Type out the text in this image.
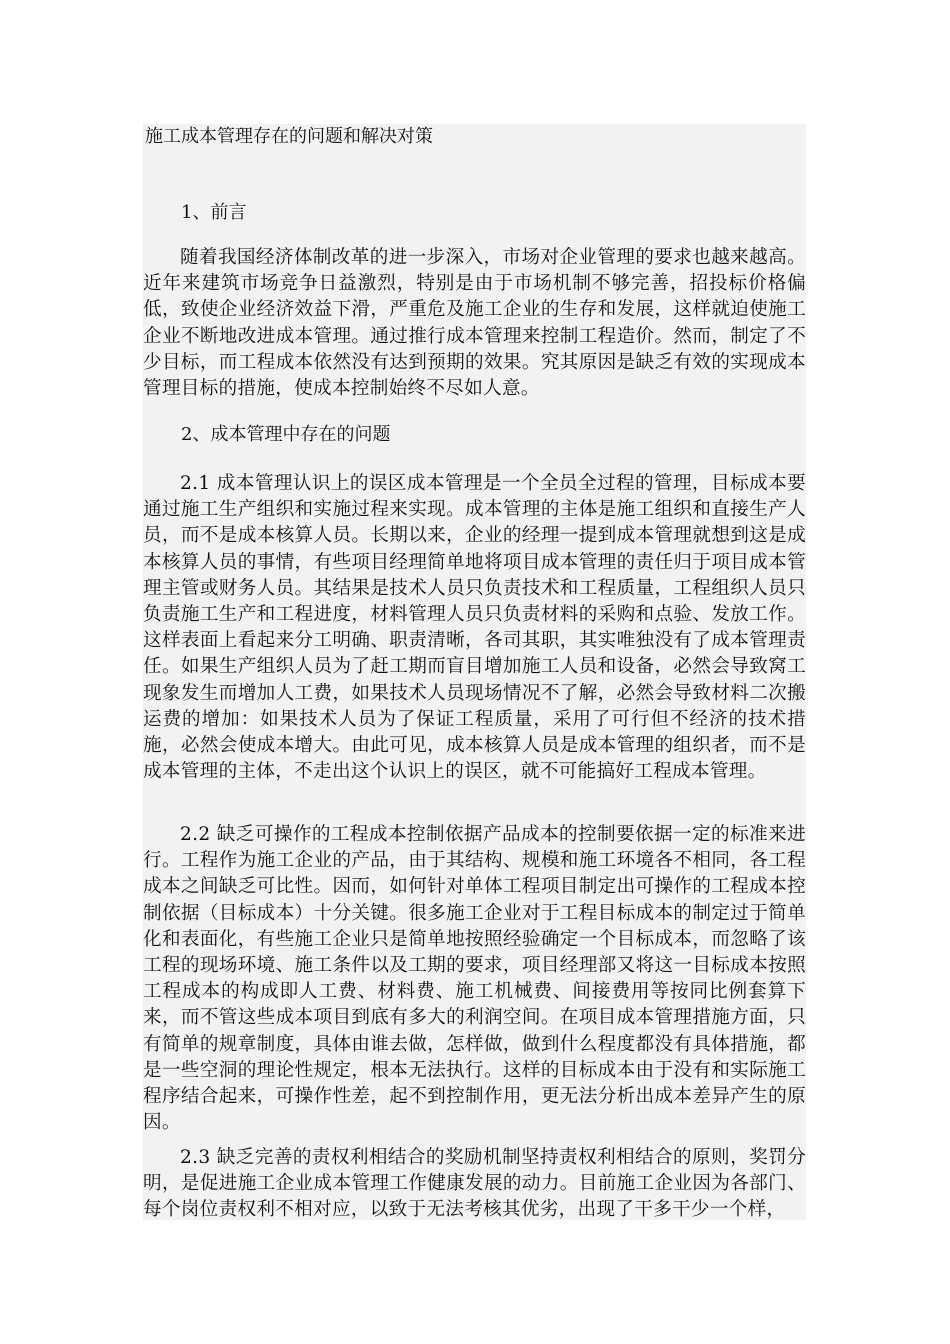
施工成本管理存在的问题和解决对策
1、前言
随着我国经济体制改革的进一步深入，市场对企业管理的要求也越来越高。近年来建筑市场竞争日益激烈，特别是由于市场机制不够完善，招投标价格偏低，致使企业经济效益下滑，严重危及施工企业的生存和发展，这样就迫使施工企业不断地改进成本管理。通过推行成本管理来控制工程造价。然而，制定了不少目标，而工程成本依然没有达到预期的效果。究其原因是缺乏有效的实现成本管理目标的措施，使成本控制始终不尽如人意。
2、成本管理中存在的问题
2.1 成本管理认识上的误区成本管理是一个全员全过程的管理，目标成本要通过施工生产组织和实施过程来实现。成本管理的主体是施工组织和直接生产人员，而不是成本核算人员。长期以来，企业的经理一提到成本管理就想到这是成本核算人员的事情，有些项目经理简单地将项目成本管理的责任归于项目成本管理主管或财务人员。其结果是技术人员只负责技术和工程质量，工程组织人员只负责施工生产和工程进度，材料管理人员只负责材料的采购和点验、发放工作。这样表面上看起来分工明确、职责清晰，各司其职，其实唯独没有了成本管理责任。如果生产组织人员为了赶工期而盲目增加施工人员和设备，必然会导致窝工现象发生而增加人工费，如果技术人员现场情况不了解，必然会导致材料二次搬运费的增加：如果技术人员为了保证工程质量，采用了可行但不经济的技术措施，必然会使成本增大。由此可见，成本核算人员是成本管理的组织者，而不是成本管理的主体，不走出这个认识上的误区，就不可能搞好工程成本管理。
2.2 缺乏可操作的工程成本控制依据产品成本的控制要依据一定的标准来进行。工程作为施工企业的产品，由于其结构、规模和施工环境各不相同，各工程成本之间缺乏可比性。因而，如何针对单体工程项目制定出可操作的工程成本控制依据（目标成本）十分关键。很多施工企业对于工程目标成本的制定过于简单化和表面化，有些施工企业只是简单地按照经验确定一个目标成本，而忽略了该工程的现场环境、施工条件以及工期的要求，项目经理部又将这一目标成本按照工程成本的构成即人工费、材料费、施工机械费、间接费用等按同比例套算下来，而不管这些成本项目到底有多大的利润空间。在项目成本管理措施方面，只有简单的规章制度，具体由谁去做，怎样做，做到什么程度都没有具体措施，都是一些空洞的理论性规定，根本无法执行。这样的目标成本由于没有和实际施工程序结合起来，可操作性差，起不到控制作用，更无法分析出成本差异产生的原因。
2.3 缺乏完善的责权利相结合的奖励机制坚持责权利相结合的原则，奖罚分明，是促进施工企业成本管理工作健康发展的动力。目前施工企业因为各部门、每个岗位责权利不相对应，以致于无法考核其优劣，出现了干多干少一个样，
